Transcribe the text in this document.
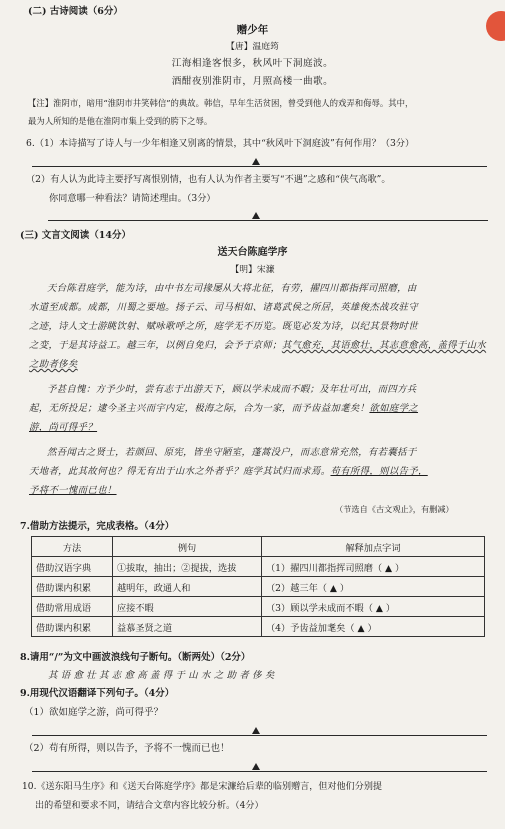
(二) 古诗阅读（6分）
赠少年
【唐】温庭筠
江海相逢客恨多，秋风叶下洞庭波。
酒酣夜别淮阴市，月照高楼一曲歌。
【注】淮阴市，暗用“淮阴市井笑韩信”的典故。韩信，早年生活贫困，曾受到他人的戏弄和侮辱。其中，
最为人所知的是他在淮阴市集上受到的胯下之辱。
6.（1）本诗描写了诗人与一少年相逢又别离的情景，其中“秋风叶下洞庭波”有何作用？（3分）
（2）有人认为此诗主要抒写离恨别情，也有人认为作者主要写“不遇”之感和“侠气高歌”。
你同意哪一种看法？请简述理由。（3分）
(三) 文言文阅读（14分）
送天台陈庭学序
【明】宋濂
天台陈君庭学，能为诗，由中书左司掾屡从大将北征，有劳，擢四川都指挥司照磨，由
水道至成都。成都，川蜀之要地。扬子云、司马相如、诸葛武侯之所居，英雄俊杰战攻驻守
之迹，诗人文士游眺饮射、赋咏歌呼之所，庭学无不历览。既览必发为诗，以纪其景物时世
之变，于是其诗益工。越三年，以例自免归，会予于京师；其气愈充，其语愈壮，其志意愈高，盖得于山水
之助者侈矣
予甚自愧：方予少时，尝有志于出游天下，顾以学未成而不暇；及年壮可出，而四方兵
起，无所投足；逮今圣主兴而宇内定，极海之际，合为一家，而予齿益加耄矣！欲如庭学之
游，尚可得乎？
然吾闻古之贤士，若颜回、原宪，皆坐守陋室，蓬蒿没户，而志意常充然，有若囊括于
天地者，此其故何也？得无有出于山水之外者乎？庭学其试归而求焉。苟有所得，则以告予，
予将不一愧而已也！
（节选自《古文观止》，有删减）
7.借助方法提示，完成表格。（4分）
方法	例句	解释加点字词
借助汉语字典	①拔取，抽出；②提拔，选拔	（1）擢四川都指挥司照磨（ ▲ ）
借助课内积累	越明年，政通人和	（2）越三年（ ▲ ）
借助常用成语	应接不暇	（3）顾以学未成而不暇（ ▲ ）
借助课内积累	益慕圣贤之道	（4）予齿益加耄矣（ ▲ ）
8.请用“/”为文中画波浪线句子断句。（断两处）（2分）
其 语 愈 壮 其 志 愈 高 盖 得 于 山 水 之 助 者 侈 矣
9.用现代汉语翻译下列句子。（4分）
（1）欲如庭学之游，尚可得乎？
（2）苟有所得，则以告予，予将不一愧而已也！
10.《送东阳马生序》和《送天台陈庭学序》都是宋濂给后辈的临别赠言，但对他们分别提
出的希望和要求不同，请结合文章内容比较分析。（4分）
